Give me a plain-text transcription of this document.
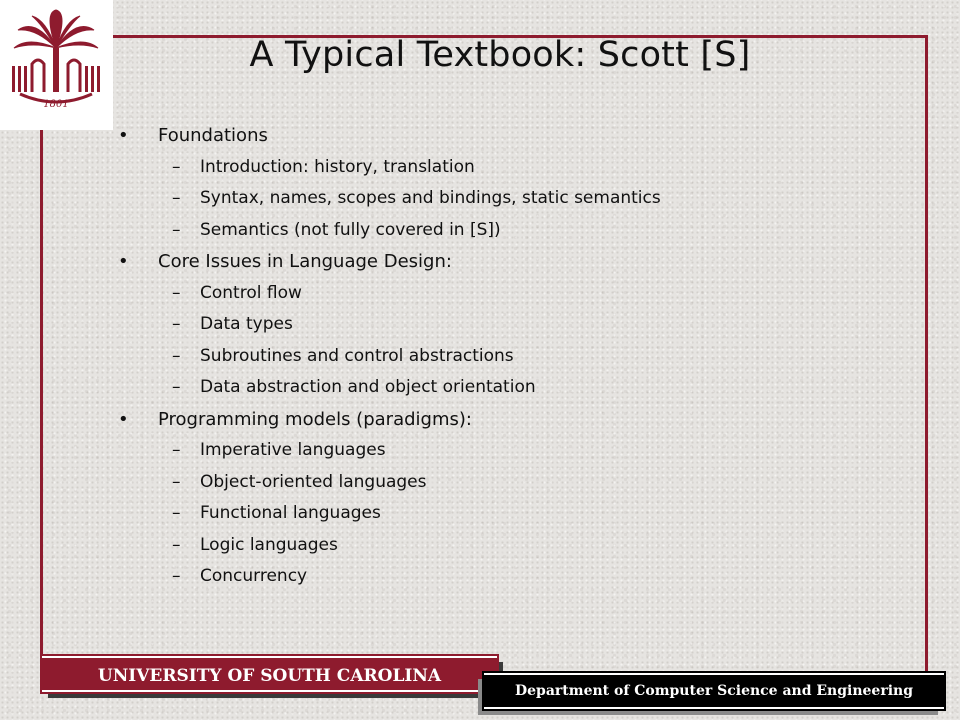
1801
A Typical Textbook: Scott [S]
•	Foundations
–	Introduction: history, translation
–	Syntax, names, scopes and bindings, static semantics
–	Semantics (not fully covered in [S])
•	Core Issues in Language Design:
–	Control flow
–	Data types
–	Subroutines and control abstractions
–	Data abstraction and object orientation
•	Programming models (paradigms):
–	Imperative languages
–	Object-oriented languages
–	Functional languages
–	Logic languages
–	Concurrency
UNIVERSITY OF SOUTH CAROLINA
Department of Computer Science and Engineering
